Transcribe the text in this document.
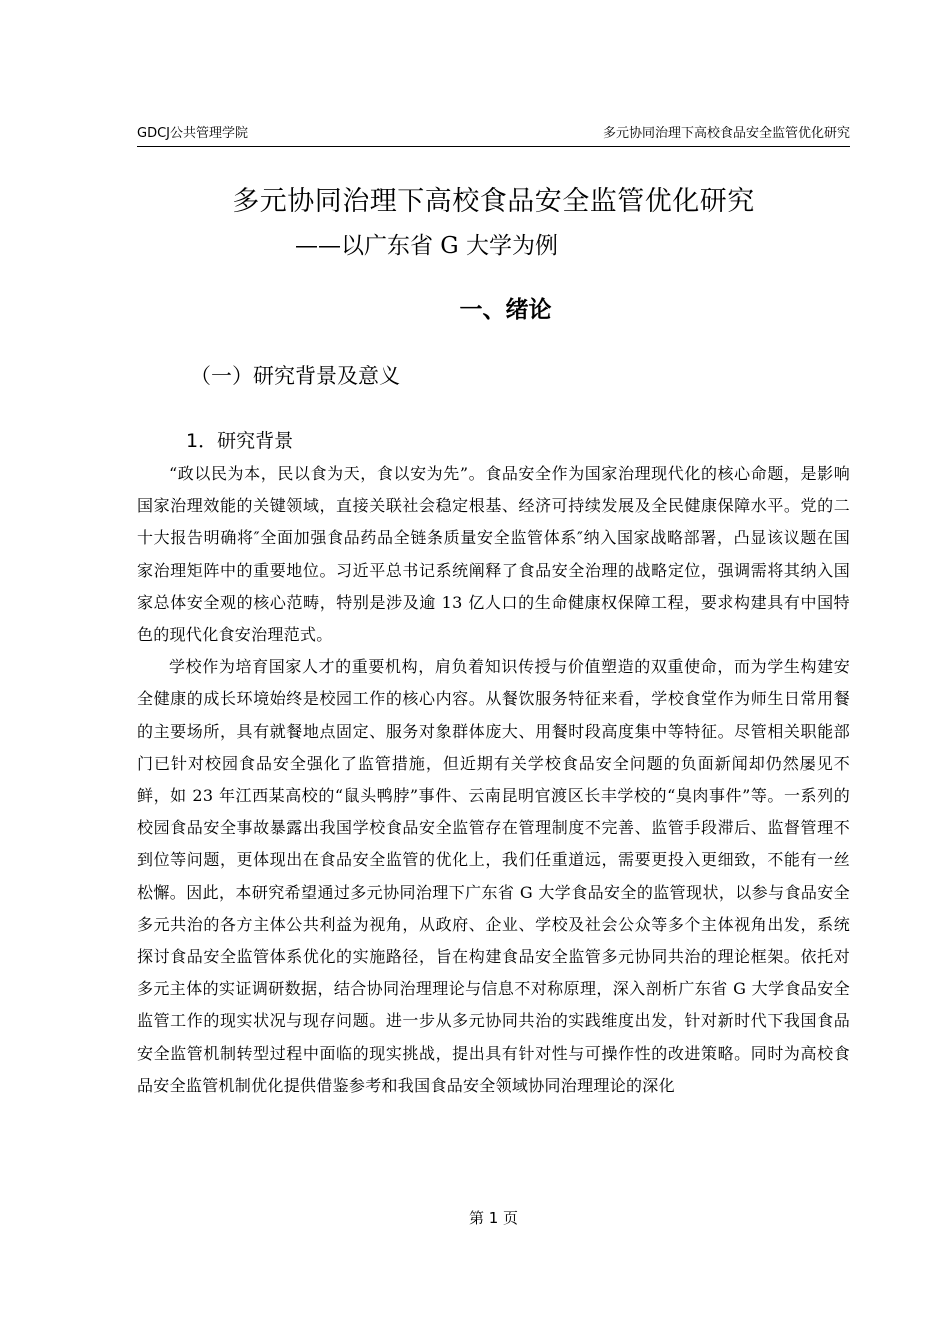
GDCJ公共管理学院	多元协同治理下高校食品安全监管优化研究
多元协同治理下高校食品安全监管优化研究
——以广东省 G 大学为例
一、绪论
（一）研究背景及意义
1．研究背景

“政以民为本，民以食为天，食以安为先”。食品安全作为国家治理现代化的核心命题，是影响国家治理效能的关键领域，直接关联社会稳定根基、经济可持续发展及全民健康保障水平。党的二十大报告明确将″全面加强食品药品全链条质量安全监管体系″纳入国家战略部署，凸显该议题在国家治理矩阵中的重要地位。习近平总书记系统阐释了食品安全治理的战略定位，强调需将其纳入国家总体安全观的核心范畴，特别是涉及逾 13 亿人口的生命健康权保障工程，要求构建具有中国特色的现代化食安治理范式。

学校作为培育国家人才的重要机构，肩负着知识传授与价值塑造的双重使命，而为学生构建安全健康的成长环境始终是校园工作的核心内容。从餐饮服务特征来看，学校食堂作为师生日常用餐的主要场所，具有就餐地点固定、服务对象群体庞大、用餐时段高度集中等特征。尽管相关职能部门已针对校园食品安全强化了监管措施，但近期有关学校食品安全问题的负面新闻却仍然屡见不鲜，如 23 年江西某高校的“鼠头鸭脖”事件、云南昆明官渡区长丰学校的“臭肉事件”等。一系列的校园食品安全事故暴露出我国学校食品安全监管存在管理制度不完善、监管手段滞后、监督管理不到位等问题，更体现出在食品安全监管的优化上，我们任重道远，需要更投入更细致，不能有一丝松懈。因此，本研究希望通过多元协同治理下广东省 G 大学食品安全的监管现状，以参与食品安全多元共治的各方主体公共利益为视角，从政府、企业、学校及社会公众等多个主体视角出发，系统探讨食品安全监管体系优化的实施路径，旨在构建食品安全监管多元协同共治的理论框架。依托对多元主体的实证调研数据，结合协同治理理论与信息不对称原理，深入剖析广东省 G 大学食品安全监管工作的现实状况与现存问题。进一步从多元协同共治的实践维度出发，针对新时代下我国食品安全监管机制转型过程中面临的现实挑战，提出具有针对性与可操作性的改进策略。同时为高校食品安全监管机制优化提供借鉴参考和我国食品安全领域协同治理理论的深化

第 1 页
